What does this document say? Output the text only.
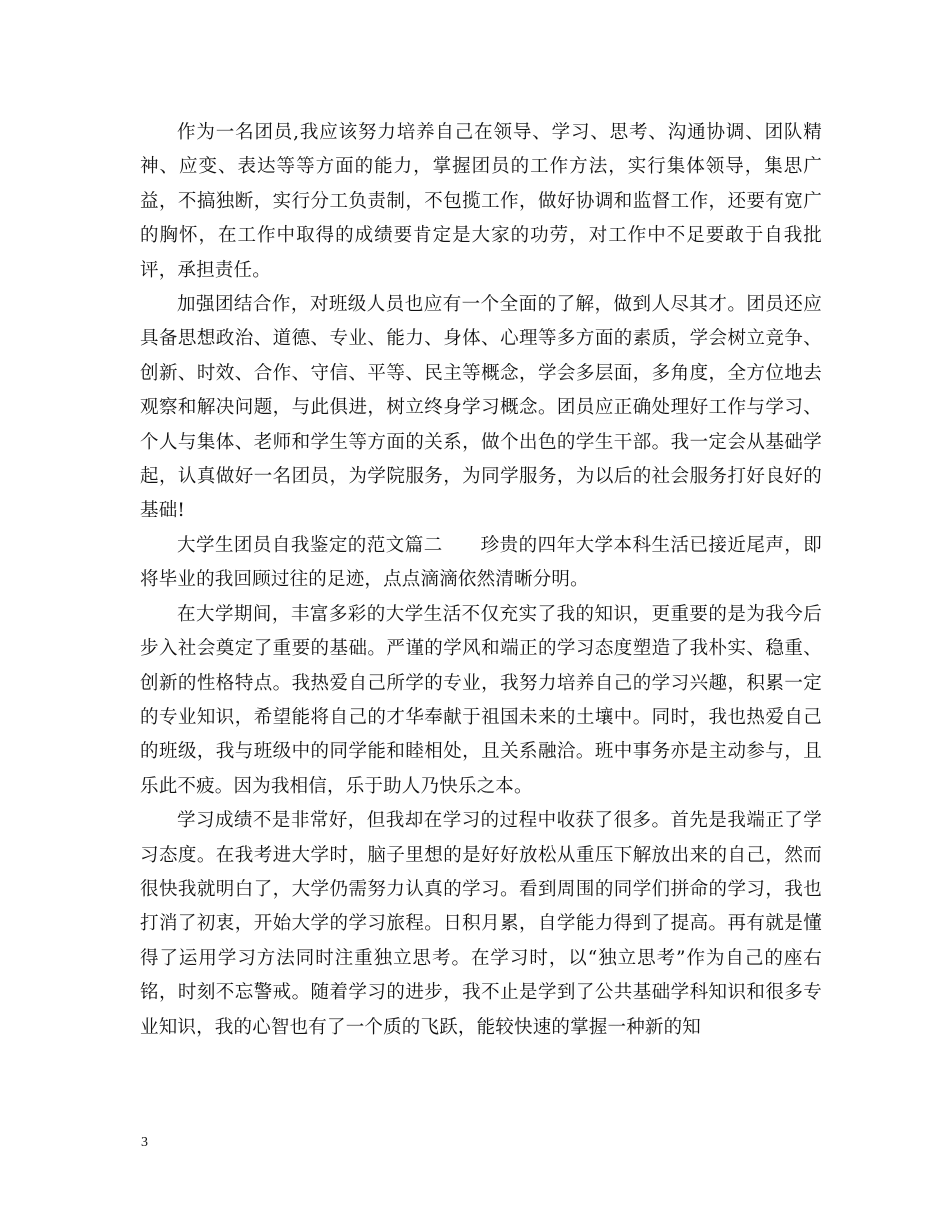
作为一名团员,我应该努力培养自己在领导、学习、思考、沟通协调、团队精神、应变、表达等等方面的能力，掌握团员的工作方法，实行集体领导，集思广益，不搞独断，实行分工负责制，不包揽工作，做好协调和监督工作，还要有宽广的胸怀，在工作中取得的成绩要肯定是大家的功劳，对工作中不足要敢于自我批评，承担责任。

加强团结合作，对班级人员也应有一个全面的了解，做到人尽其才。团员还应具备思想政治、道德、专业、能力、身体、心理等多方面的素质，学会树立竞争、创新、时效、合作、守信、平等、民主等概念，学会多层面，多角度，全方位地去观察和解决问题，与此俱进，树立终身学习概念。团员应正确处理好工作与学习、个人与集体、老师和学生等方面的关系，做个出色的学生干部。我一定会从基础学起，认真做好一名团员，为学院服务，为同学服务，为以后的社会服务打好良好的基础!

大学生团员自我鉴定的范文篇二　　珍贵的四年大学本科生活已接近尾声，即将毕业的我回顾过往的足迹，点点滴滴依然清晰分明。

在大学期间，丰富多彩的大学生活不仅充实了我的知识，更重要的是为我今后步入社会奠定了重要的基础。严谨的学风和端正的学习态度塑造了我朴实、稳重、创新的性格特点。我热爱自己所学的专业，我努力培养自己的学习兴趣，积累一定的专业知识，希望能将自己的才华奉献于祖国未来的土壤中。同时，我也热爱自己的班级，我与班级中的同学能和睦相处，且关系融洽。班中事务亦是主动参与，且乐此不疲。因为我相信，乐于助人乃快乐之本。

学习成绩不是非常好，但我却在学习的过程中收获了很多。首先是我端正了学习态度。在我考进大学时，脑子里想的是好好放松从重压下解放出来的自己，然而很快我就明白了，大学仍需努力认真的学习。看到周围的同学们拼命的学习，我也打消了初衷，开始大学的学习旅程。日积月累，自学能力得到了提高。再有就是懂得了运用学习方法同时注重独立思考。在学习时，以“独立思考”作为自己的座右铭，时刻不忘警戒。随着学习的进步，我不止是学到了公共基础学科知识和很多专业知识，我的心智也有了一个质的飞跃，能较快速的掌握一种新的知

3
